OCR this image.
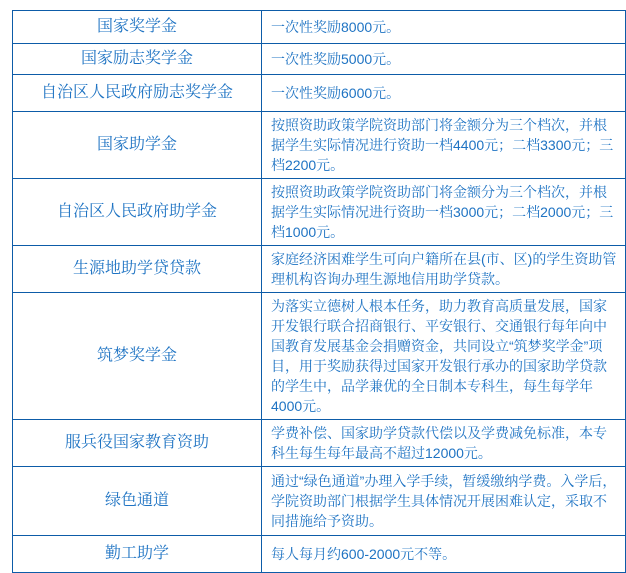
国家奖学金	一次性奖励8000元。
国家励志奖学金	一次性奖励5000元。
自治区人民政府励志奖学金	一次性奖励6000元。
国家助学金	按照资助政策学院资助部门将金额分为三个档次，并根据学生实际情况进行资助一档4400元；二档3300元；三档2200元。
自治区人民政府助学金	按照资助政策学院资助部门将金额分为三个档次，并根据学生实际情况进行资助一档3000元；二档2000元；三档1000元。
生源地助学贷贷款	家庭经济困难学生可向户籍所在县(市、区)的学生资助管理机构咨询办理生源地信用助学贷款。
筑梦奖学金	为落实立德树人根本任务，助力教育高质量发展，国家开发银行联合招商银行、平安银行、交通银行每年向中国教育发展基金会捐赠资金，共同设立“筑梦奖学金”项目，用于奖励获得过国家开发银行承办的国家助学贷款的学生中，品学兼优的全日制本专科生，每生每学年4000元。
服兵役国家教育资助	学费补偿、国家助学贷款代偿以及学费减免标准，本专科生每生每年最高不超过12000元。
绿色通道	通过“绿色通道”办理入学手续，暂缓缴纳学费。入学后，学院资助部门根据学生具体情况开展困难认定，采取不同措施给予资助。
勤工助学	每人每月约600-2000元不等。
